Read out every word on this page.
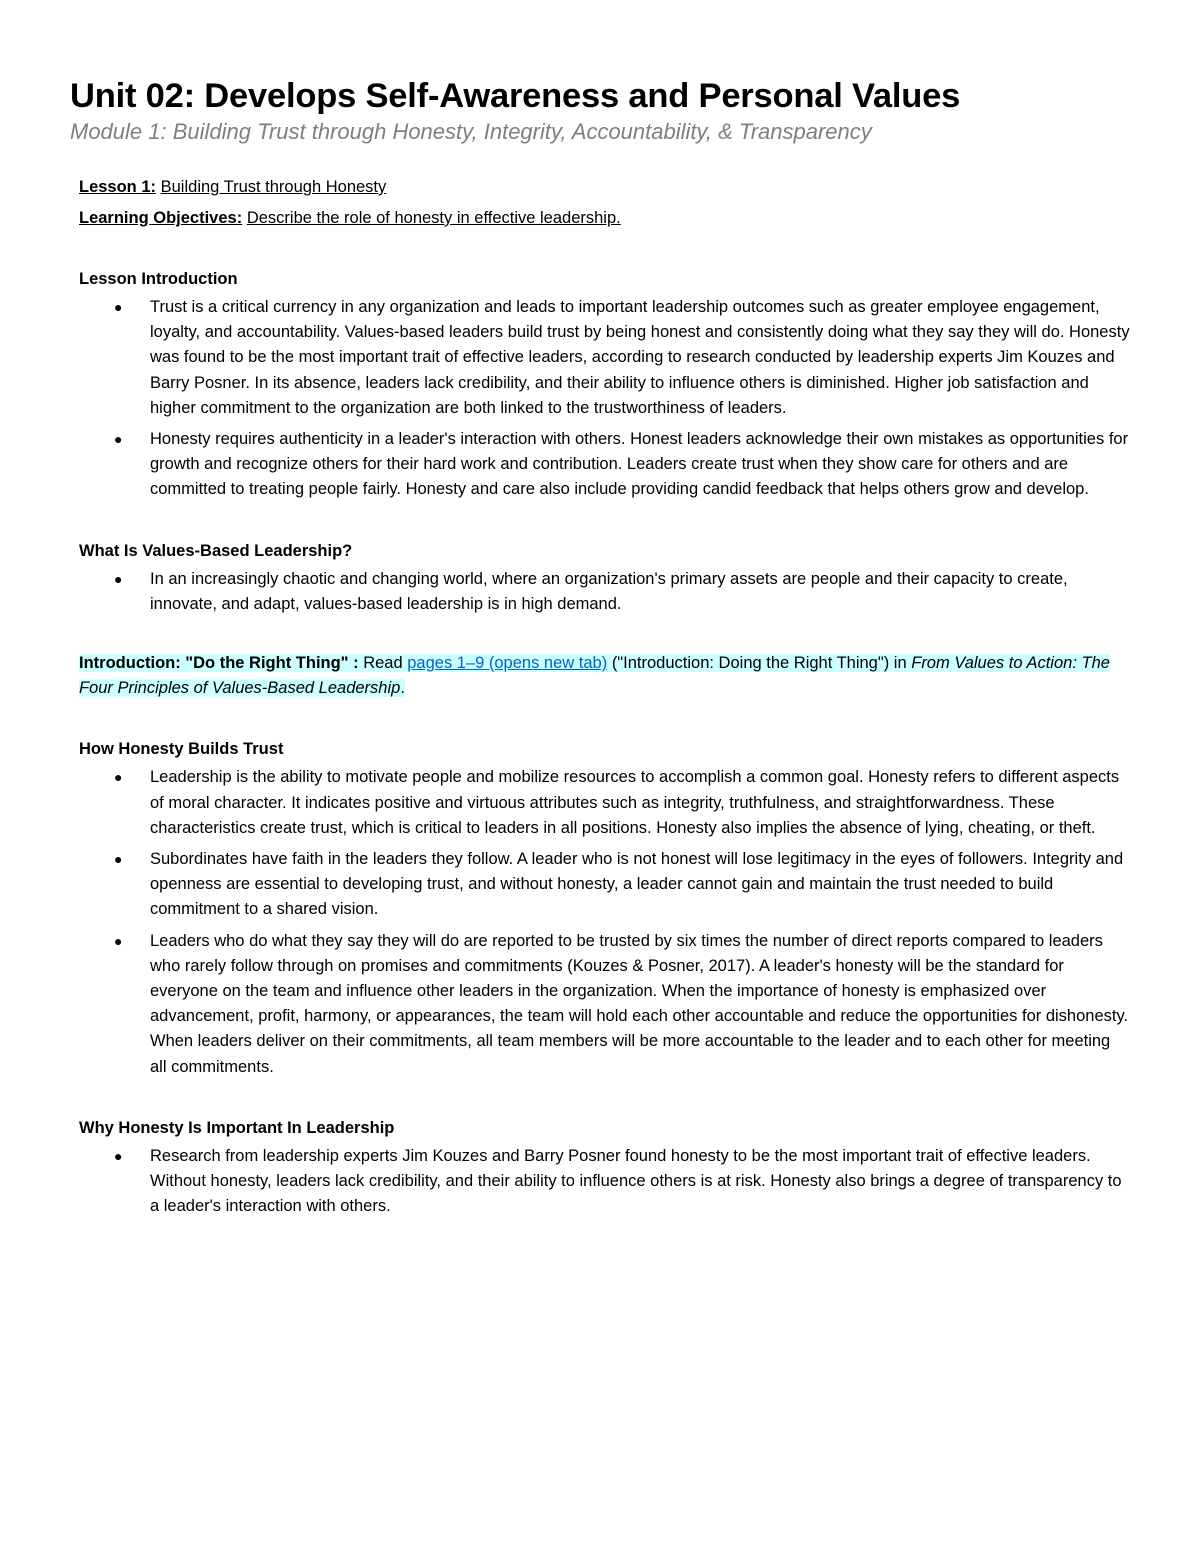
Unit 02: Develops Self-Awareness and Personal Values
Module 1: Building Trust through Honesty, Integrity, Accountability, & Transparency
Lesson 1: Building Trust through Honesty
Learning Objectives: Describe the role of honesty in effective leadership.
Lesson Introduction
● Trust is a critical currency in any organization and leads to important leadership outcomes such as greater employee engagement, loyalty, and accountability. Values-based leaders build trust by being honest and consistently doing what they say they will do. Honesty was found to be the most important trait of effective leaders, according to research conducted by leadership experts Jim Kouzes and Barry Posner. In its absence, leaders lack credibility, and their ability to influence others is diminished. Higher job satisfaction and higher commitment to the organization are both linked to the trustworthiness of leaders.
● Honesty requires authenticity in a leader's interaction with others. Honest leaders acknowledge their own mistakes as opportunities for growth and recognize others for their hard work and contribution. Leaders create trust when they show care for others and are committed to treating people fairly. Honesty and care also include providing candid feedback that helps others grow and develop.
What Is Values-Based Leadership?
● In an increasingly chaotic and changing world, where an organization's primary assets are people and their capacity to create, innovate, and adapt, values-based leadership is in high demand.
Introduction: "Do the Right Thing" : Read pages 1–9 (opens new tab) ("Introduction: Doing the Right Thing") in From Values to Action: The Four Principles of Values-Based Leadership.
How Honesty Builds Trust
● Leadership is the ability to motivate people and mobilize resources to accomplish a common goal. Honesty refers to different aspects of moral character. It indicates positive and virtuous attributes such as integrity, truthfulness, and straightforwardness. These characteristics create trust, which is critical to leaders in all positions. Honesty also implies the absence of lying, cheating, or theft.
● Subordinates have faith in the leaders they follow. A leader who is not honest will lose legitimacy in the eyes of followers. Integrity and openness are essential to developing trust, and without honesty, a leader cannot gain and maintain the trust needed to build commitment to a shared vision.
● Leaders who do what they say they will do are reported to be trusted by six times the number of direct reports compared to leaders who rarely follow through on promises and commitments (Kouzes & Posner, 2017). A leader's honesty will be the standard for everyone on the team and influence other leaders in the organization. When the importance of honesty is emphasized over advancement, profit, harmony, or appearances, the team will hold each other accountable and reduce the opportunities for dishonesty. When leaders deliver on their commitments, all team members will be more accountable to the leader and to each other for meeting all commitments.
Why Honesty Is Important In Leadership
● Research from leadership experts Jim Kouzes and Barry Posner found honesty to be the most important trait of effective leaders. Without honesty, leaders lack credibility, and their ability to influence others is at risk. Honesty also brings a degree of transparency to a leader's interaction with others.
